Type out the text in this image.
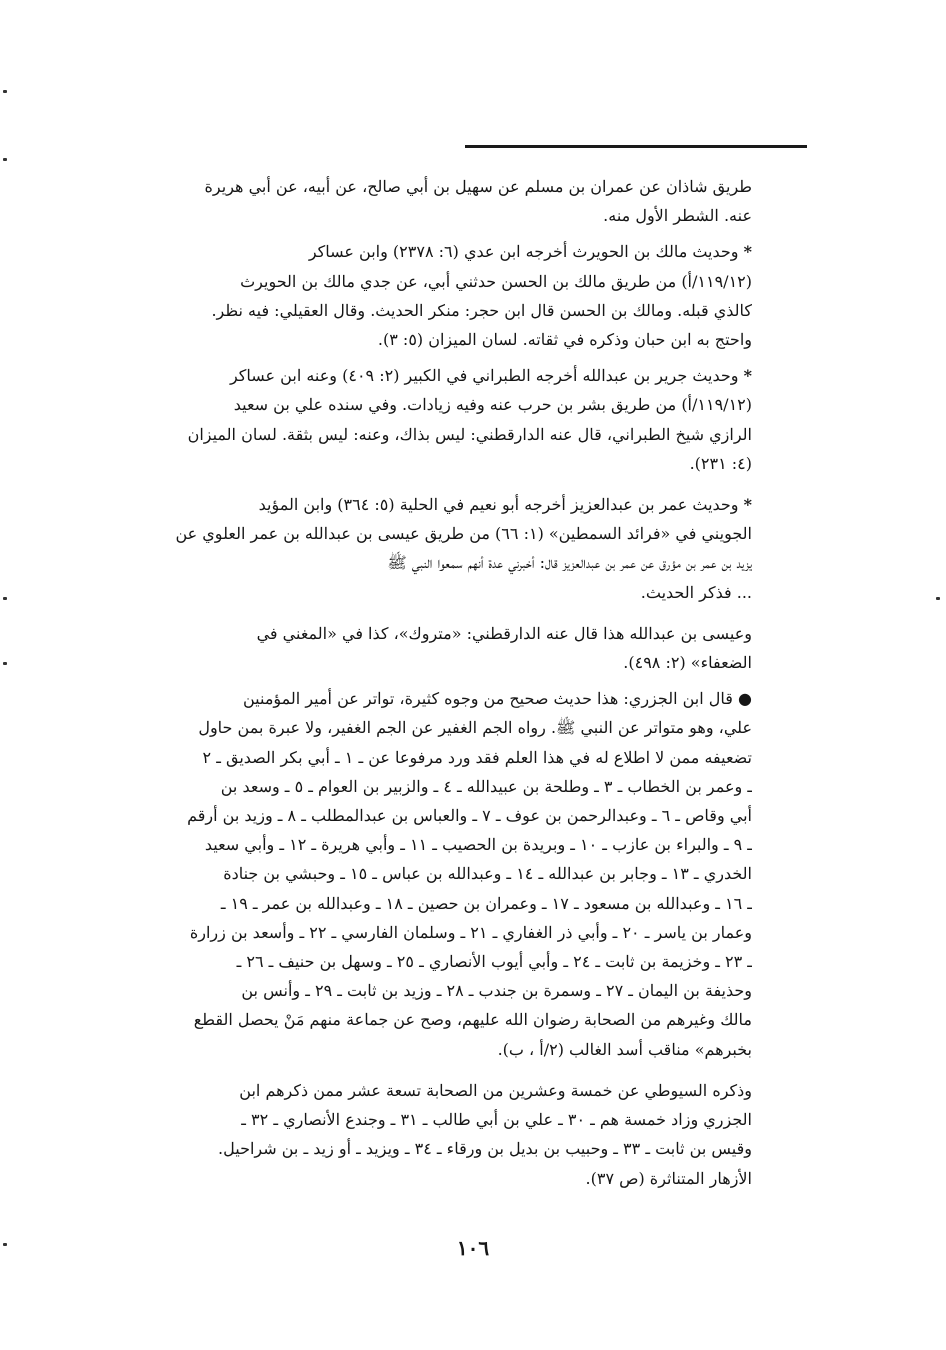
طريق شاذان عن عمران بن مسلم عن سهيل بن أبي صالح، عن أبيه، عن أبي هريرة
عنه. الشطر الأول منه.
* وحديث مالك بن الحويرث أخرجه ابن عدي (٦: ٢٣٧٨) وابن عساكر
(١١٩/١٢/أ) من طريق مالك بن الحسن حدثني أبي، عن جدي مالك بن الحويرث
كالذي قبله. ومالك بن الحسن قال ابن حجر: منكر الحديث. وقال العقيلي: فيه نظر.
واحتج به ابن حبان وذكره في ثقاته. لسان الميزان (٥: ٣).
* وحديث جرير بن عبدالله أخرجه الطبراني في الكبير (٢: ٤٠٩) وعنه ابن عساكر
(١١٩/١٢/أ) من طريق بشر بن حرب عنه وفيه زيادات. وفي سنده علي بن سعيد
الرازي شيخ الطبراني، قال عنه الدارقطني: ليس بذاك، وعنه: ليس بثقة. لسان الميزان
(٤: ٢٣١).
* وحديث عمر بن عبدالعزيز أخرجه أبو نعيم في الحلية (٥: ٣٦٤) وابن المؤيد
الجويني في «فرائد السمطين» (١: ٦٦) من طريق عيسى بن عبدالله بن عمر العلوي عن
يزيد بن عمر بن مؤرق عن عمر بن عبدالعزيز قال: أخبرني عدة أنهم سمعوا النبي ﷺ
... فذكر الحديث.
وعيسى بن عبدالله هذا قال عنه الدارقطني: «متروك»، كذا في «المغني في
الضعفاء» (٢: ٤٩٨).
● قال ابن الجزري: هذا حديث صحيح من وجوه كثيرة، تواتر عن أمير المؤمنين
علي، وهو متواتر عن النبي ﷺ. رواه الجم الغفير عن الجم الغفير، ولا عبرة بمن حاول
تضعيفه ممن لا اطلاع له في هذا العلم فقد ورد مرفوعا عن ـ ١ ـ أبي بكر الصديق ـ ٢
ـ وعمر بن الخطاب ـ ٣ ـ وطلحة بن عبيدالله ـ ٤ ـ والزبير بن العوام ـ ٥ ـ وسعد بن
أبي وقاص ـ ٦ ـ وعبدالرحمن بن عوف ـ ٧ ـ والعباس بن عبدالمطلب ـ ٨ ـ وزيد بن أرقم
ـ ٩ ـ والبراء بن عازب ـ ١٠ ـ وبريدة بن الحصيب ـ ١١ ـ وأبي هريرة ـ ١٢ ـ وأبي سعيد
الخدري ـ ١٣ ـ وجابر بن عبدالله ـ ١٤ ـ وعبدالله بن عباس ـ ١٥ ـ وحبشي بن جنادة
ـ ١٦ ـ وعبدالله بن مسعود ـ ١٧ ـ وعمران بن حصين ـ ١٨ ـ وعبدالله بن عمر ـ ١٩ ـ
وعمار بن ياسر ـ ٢٠ ـ وأبي ذر الغفاري ـ ٢١ ـ وسلمان الفارسي ـ ٢٢ ـ وأسعد بن زرارة
ـ ٢٣ ـ وخزيمة بن ثابت ـ ٢٤ ـ وأبي أيوب الأنصاري ـ ٢٥ ـ وسهل بن حنيف ـ ٢٦ ـ
وحذيفة بن اليمان ـ ٢٧ ـ وسمرة بن جندب ـ ٢٨ ـ وزيد بن ثابت ـ ٢٩ ـ وأنس بن
مالك وغيرهم من الصحابة رضوان الله عليهم، وصح عن جماعة منهم مَنْ يحصل القطع
بخبرهم» مناقب أسد الغالب (٢/أ ، ب).
وذكره السيوطي عن خمسة وعشرين من الصحابة تسعة عشر ممن ذكرهم ابن
الجزري وزاد خمسة هم ـ ٣٠ ـ علي بن أبي طالب ـ ٣١ ـ وجندع الأنصاري ـ ٣٢ ـ
وقيس بن ثابت ـ ٣٣ ـ وحبيب بن بديل بن ورقاء ـ ٣٤ ـ ويزيد ـ أو زيد ـ بن شراحيل.
الأزهار المتناثرة (ص ٣٧).
١٠٦
